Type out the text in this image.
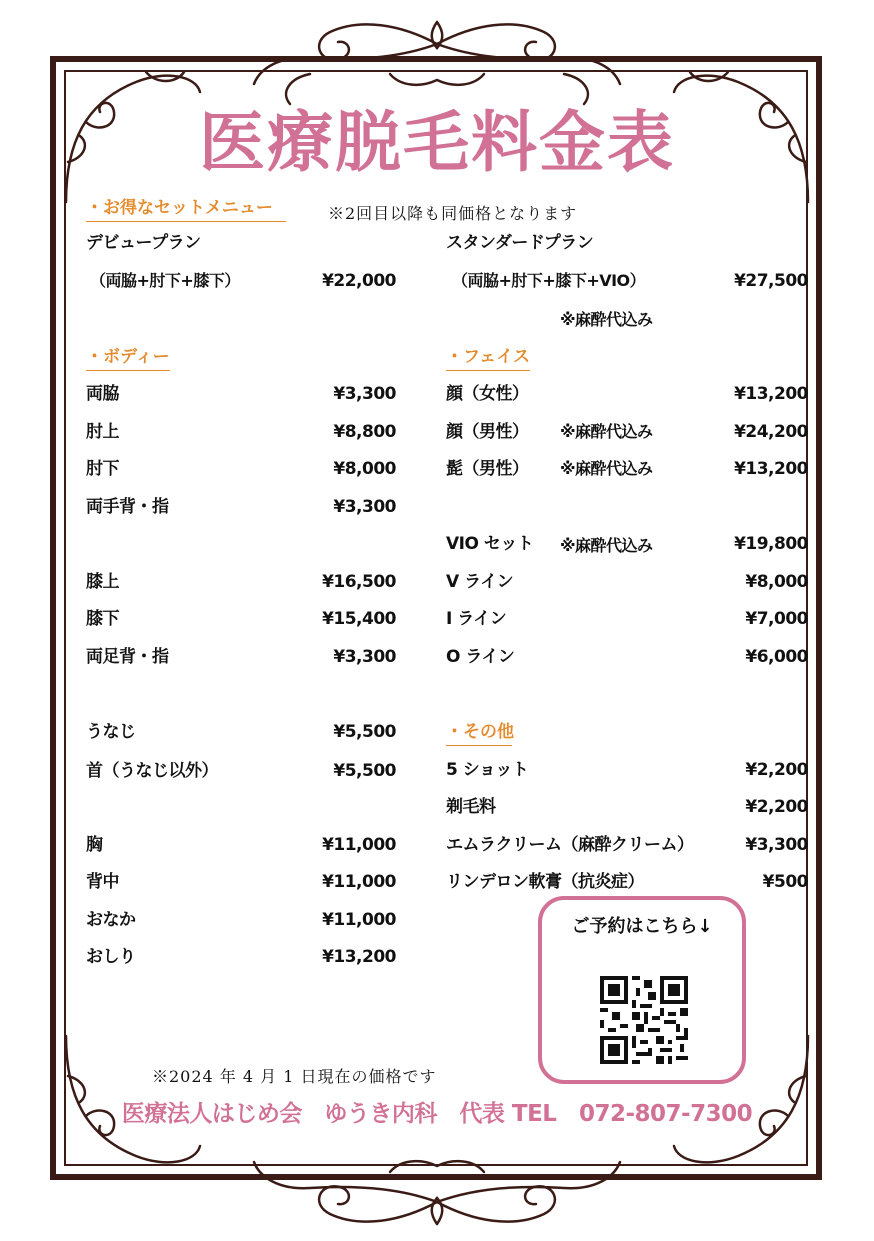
医療脱毛料金表
・お得なセットメニュー	※2回目以降も同価格となります
デビュープラン
（両脇+肘下+膝下）	¥22,000
スタンダードプラン
（両脇+肘下+膝下+VIO）	¥27,500
※麻酔代込み
・ボディー
両脇	¥3,300
肘上	¥8,800
肘下	¥8,000
両手背・指	¥3,300
膝上	¥16,500
膝下	¥15,400
両足背・指	¥3,300
うなじ	¥5,500
首（うなじ以外）	¥5,500
胸	¥11,000
背中	¥11,000
おなか	¥11,000
おしり	¥13,200
・フェイス
顔（女性）	¥13,200
顔（男性） ※麻酔代込み	¥24,200
髭（男性） ※麻酔代込み	¥13,200
VIO セット ※麻酔代込み	¥19,800
V ライン	¥8,000
I ライン	¥7,000
O ライン	¥6,000
・その他
5 ショット	¥2,200
剃毛料	¥2,200
エムラクリーム（麻酔クリーム）	¥3,300
リンデロン軟膏（抗炎症）	¥500
ご予約はこちら↓
※2024 年 4 月 1 日現在の価格です
医療法人はじめ会　ゆうき内科　代表 TEL　072-807-7300
